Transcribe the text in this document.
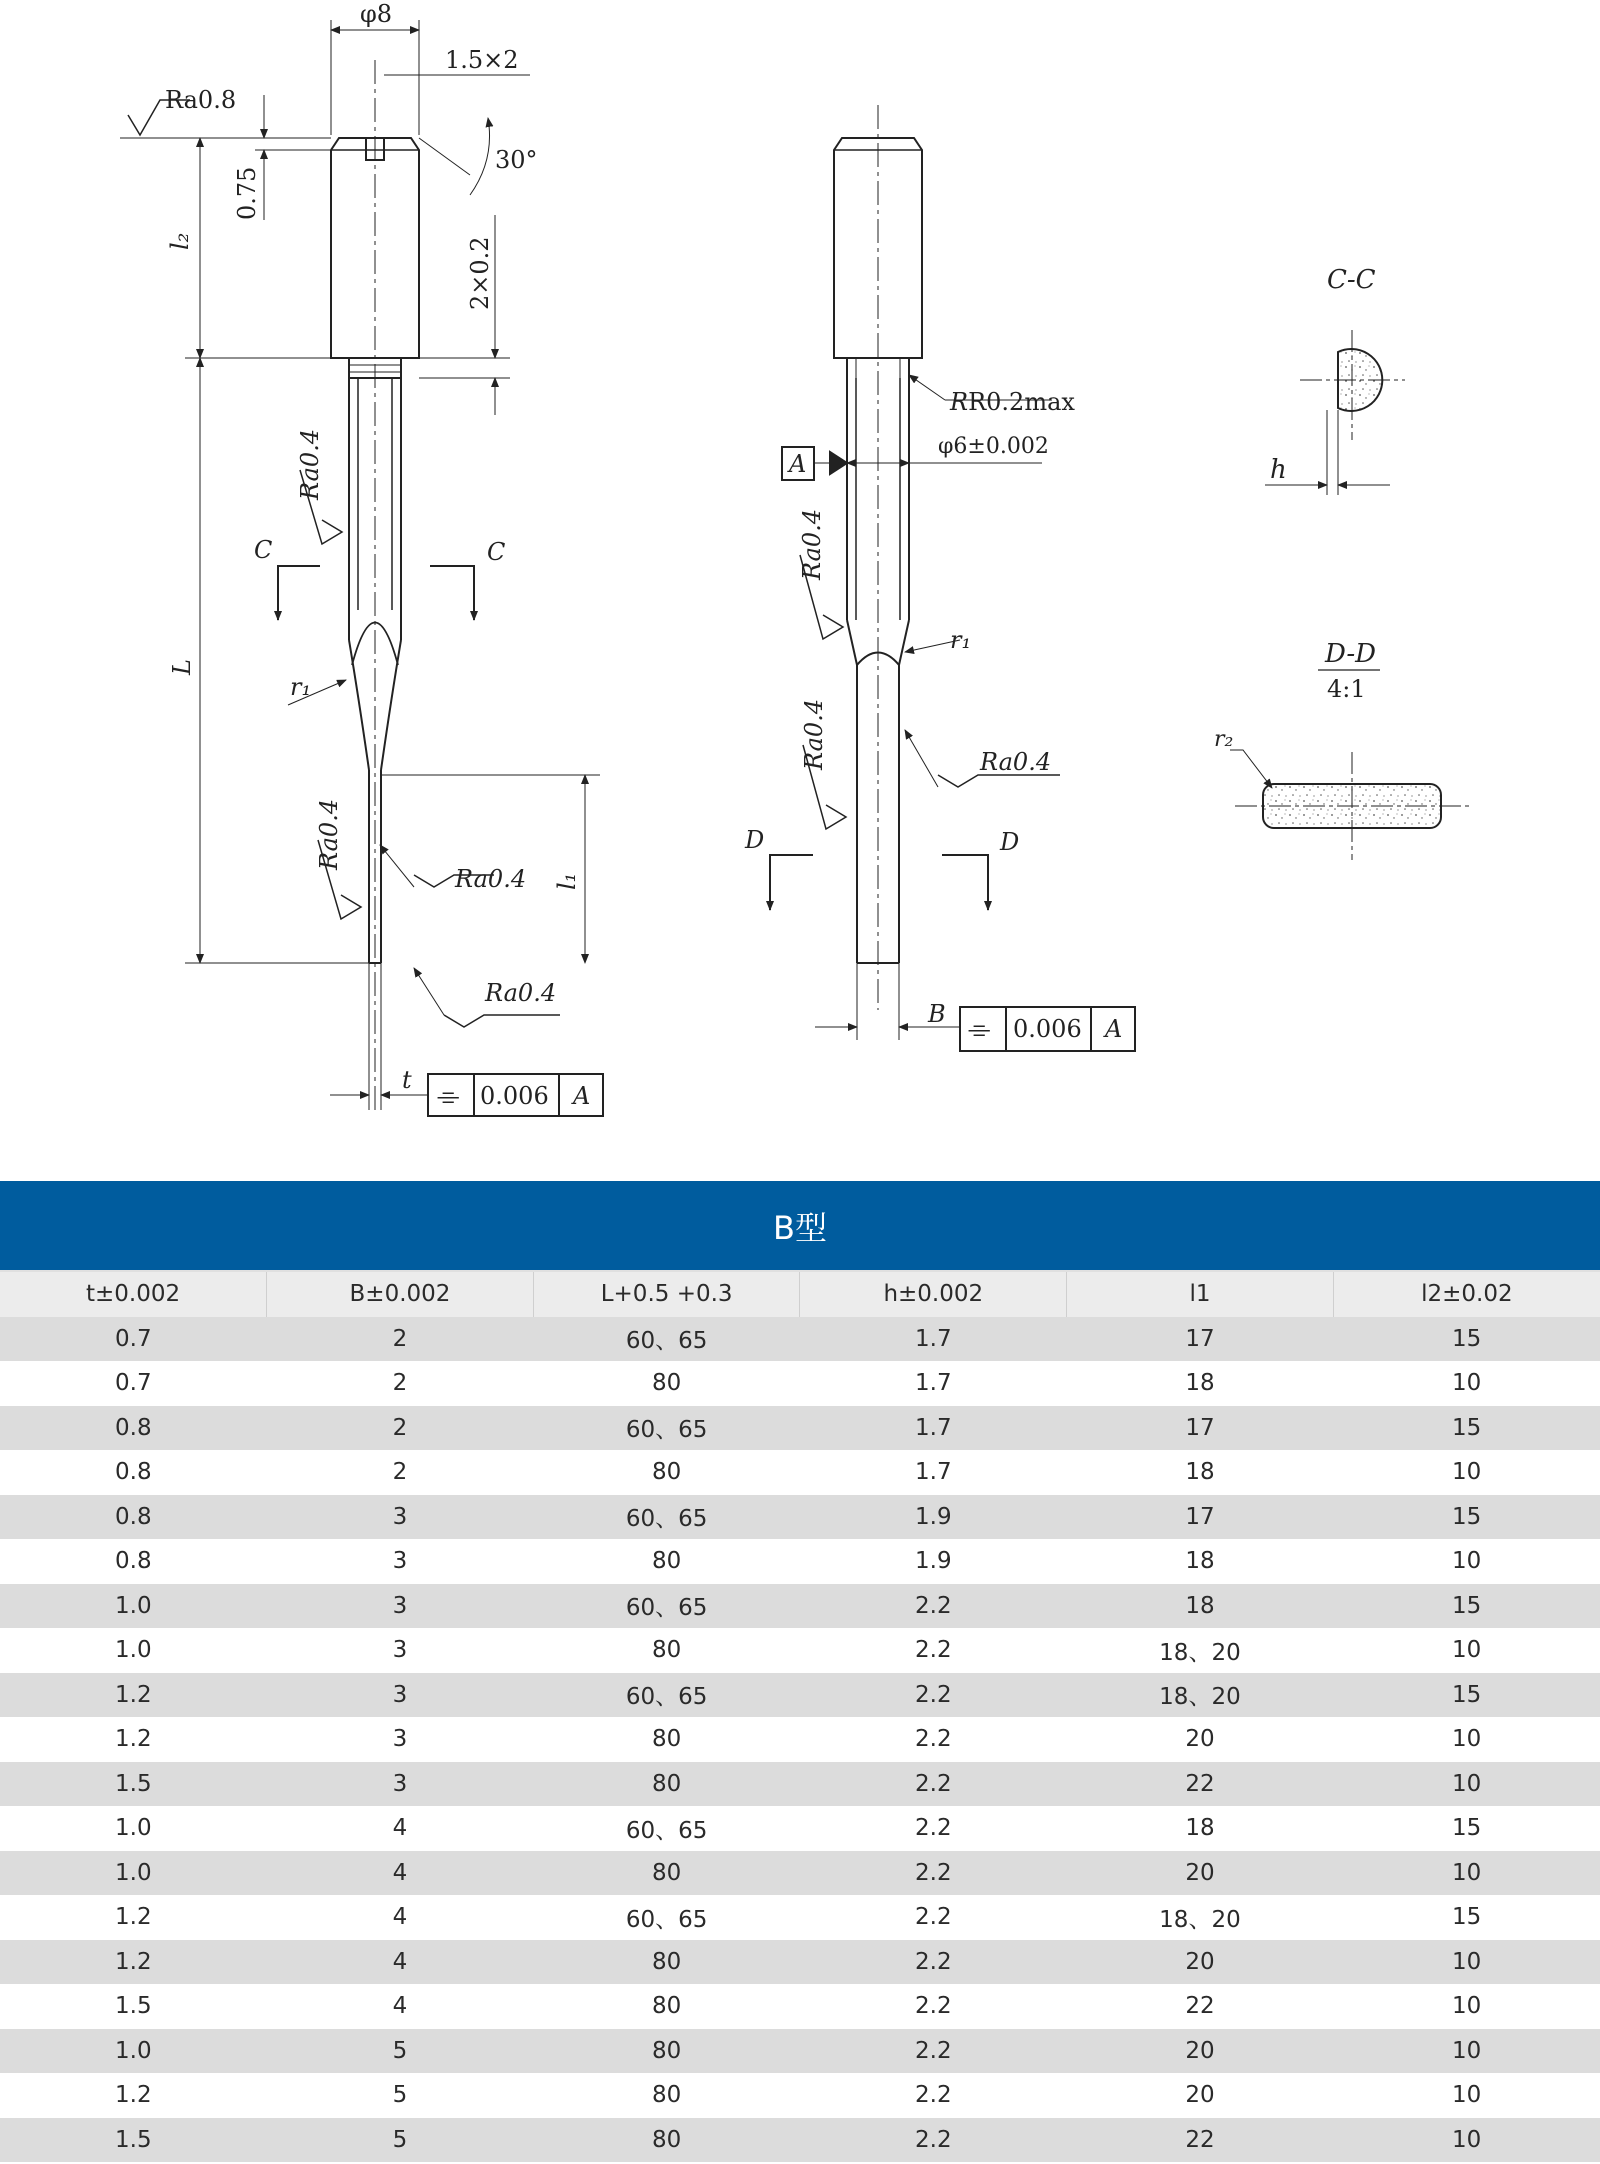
φ8
1.5×2
30°
Ra0.8
0.75
2×0.2
l₂
L
l₁
r₁
t
Ra0.4
Ra0.4
Ra0.4
Ra0.4
C	C
⌯ 0.006 A
RR0.2max
A
φ6±0.002
r₁
Ra0.4
Ra0.4	Ra0.4
D	D
B ⌯ 0.006 A
C-C
h
D-D
4:1
r₂
B型
t±0.002	B±0.002	L+0.5 +0.3	h±0.002	l1	l2±0.02
0.7	2	60、65	1.7	17	15
0.7	2	80	1.7	18	10
0.8	2	60、65	1.7	17	15
0.8	2	80	1.7	18	10
0.8	3	60、65	1.9	17	15
0.8	3	80	1.9	18	10
1.0	3	60、65	2.2	18	15
1.0	3	80	2.2	18、20	10
1.2	3	60、65	2.2	18、20	15
1.2	3	80	2.2	20	10
1.5	3	80	2.2	22	10
1.0	4	60、65	2.2	18	15
1.0	4	80	2.2	20	10
1.2	4	60、65	2.2	18、20	15
1.2	4	80	2.2	20	10
1.5	4	80	2.2	22	10
1.0	5	80	2.2	20	10
1.2	5	80	2.2	20	10
1.5	5	80	2.2	22	10
